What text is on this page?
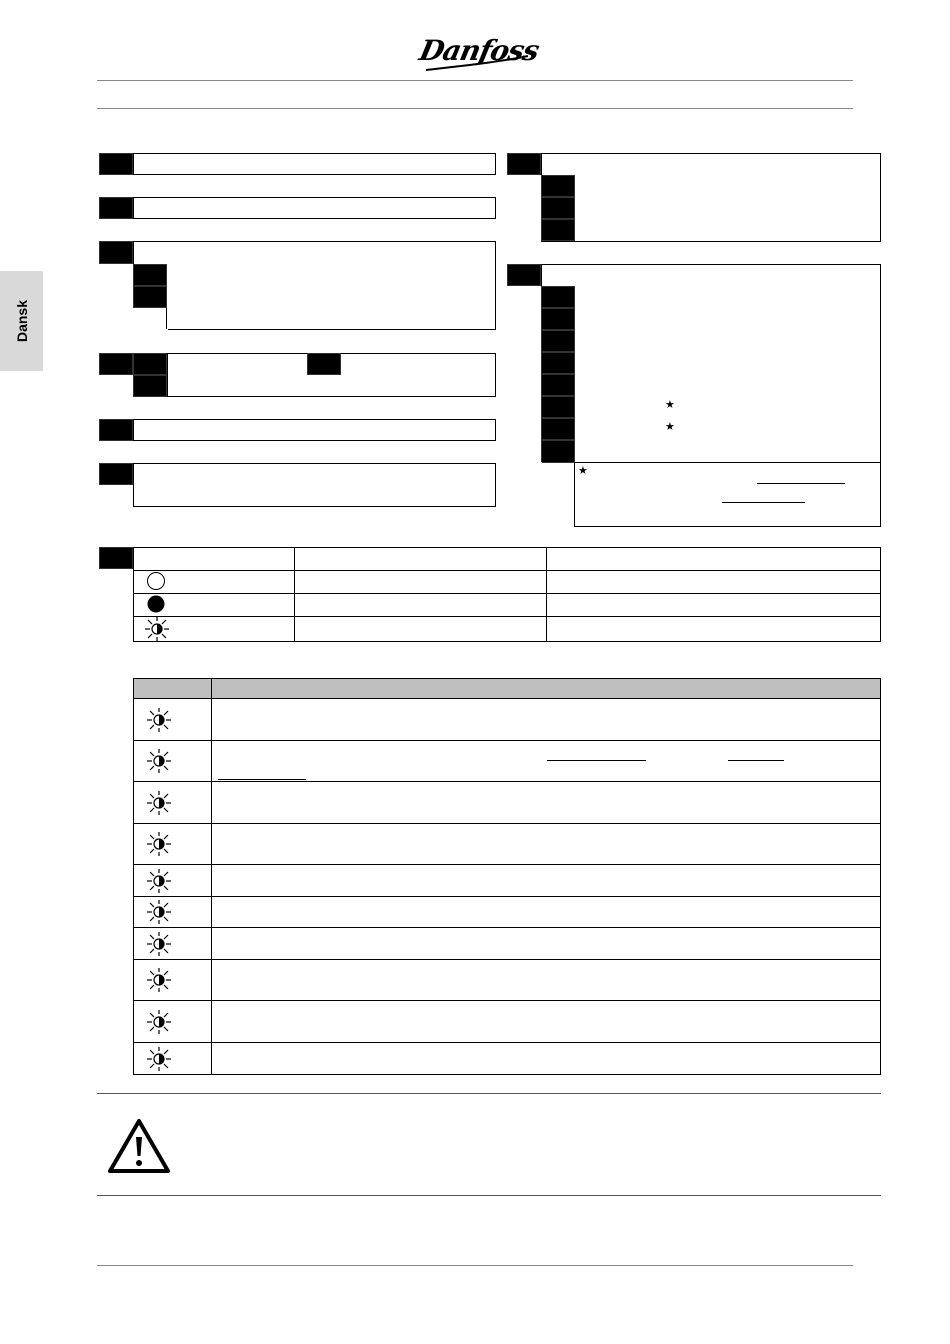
Danfoss
Dansk
★
★
★
